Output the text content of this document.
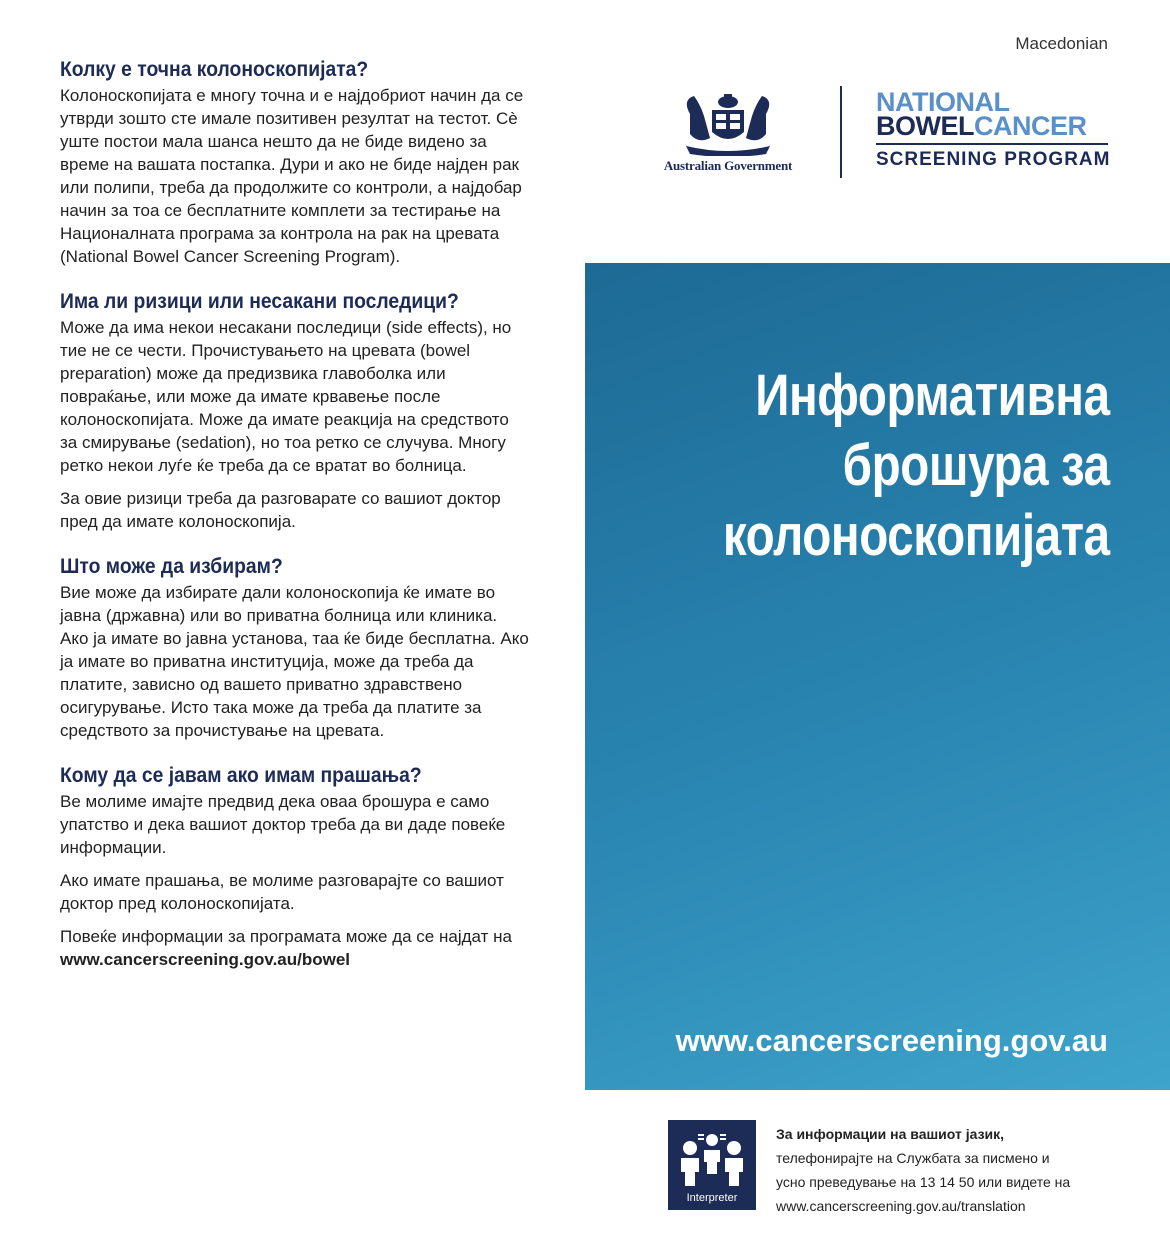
Macedonian
Колку е точна колоноскопијата?

Колоноскопијата е многу точна и е најдобриот начин да се утврди зошто сте имале позитивен резултат на тестот. Сè уште постои мала шанса нешто да не биде видено за време на вашата постапка. Дури и ако не биде најден рак или полипи, треба да продолжите со контроли, а најдобар начин за тоа се бесплатните комплети за тестирање на Националната програма за контрола на рак на цревата (National Bowel Cancer Screening Program).

Има ли ризици или несакани последици?

Може да има некои несакани последици (side effects), но тие не се чести. Прочистувањето на цревата (bowel preparation) може да предизвика главоболка или повраќање, или може да имате крвавење после колоноскопијата. Може да имате реакција на средството за смирување (sedation), но тоа ретко се случува. Многу ретко некои луѓе ќе треба да се вратат во болница.

За овие ризици треба да разговарате со вашиот доктор пред да имате колоноскопија.

Што може да избирам?

Вие може да избирате дали колоноскопија ќе имате во јавна (државна) или во приватна болница или клиника. Ако ја имате во јавна установа, таа ќе биде бесплатна. Ако ја имате во приватна институција, може да треба да платите, зависно од вашето приватно здравствено осигурување. Исто така може да треба да платите за средството за прочистување на цревата.

Кому да се јавам ако имам прашања?

Ве молиме имајте предвид дека оваа брошура е само упатство и дека вашиот доктор треба да ви даде повеќе информации.

Ако имате прашања, ве молиме разговарајте со вашиот доктор пред колоноскопијата.

Повеќе информации за програмата може да се најдат на www.cancerscreening.gov.au/bowel

Australian Government
NATIONAL
BOWELCANCER
SCREENING PROGRAM
Информативна
брошура за
колоноскопијата
www.cancerscreening.gov.au
Interpreter
За информации на вашиот јазик,
телефонирајте на Службата за писмено и
усно преведување на 13 14 50 или видете на
www.cancerscreening.gov.au/translation
